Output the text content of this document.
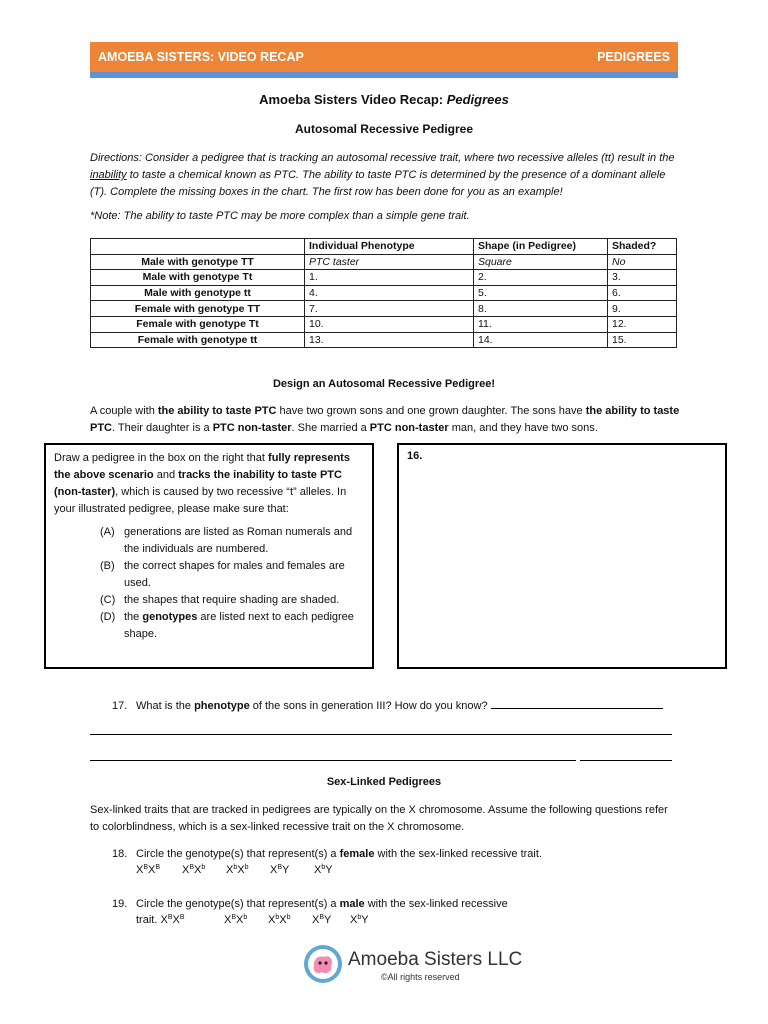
AMOEBA SISTERS: VIDEO RECAP	PEDIGREES
Amoeba Sisters Video Recap: Pedigrees
Autosomal Recessive Pedigree
Directions: Consider a pedigree that is tracking an autosomal recessive trait, where two recessive alleles (tt) result in the inability to taste a chemical known as PTC. The ability to taste PTC is determined by the presence of a dominant allele (T). Complete the missing boxes in the chart. The first row has been done for you as an example!
*Note: The ability to taste PTC may be more complex than a simple gene trait.
	Individual Phenotype	Shape (in Pedigree)	Shaded?
Male with genotype TT	PTC taster	Square	No
Male with genotype Tt	1.	2.	3.
Male with genotype tt	4.	5.	6.
Female with genotype TT	7.	8.	9.
Female with genotype Tt	10.	11.	12.
Female with genotype tt	13.	14.	15.
Design an Autosomal Recessive Pedigree!
A couple with the ability to taste PTC have two grown sons and one grown daughter. The sons have the ability to taste PTC. Their daughter is a PTC non-taster. She married a PTC non-taster man, and they have two sons.
Draw a pedigree in the box on the right that fully represents the above scenario and tracks the inability to taste PTC (non-taster), which is caused by two recessive “t” alleles. In your illustrated pedigree, please make sure that:
(A) generations are listed as Roman numerals and the individuals are numbered.
(B) the correct shapes for males and females are used.
(C) the shapes that require shading are shaded.
(D) the genotypes are listed next to each pedigree shape.
16.
17. What is the phenotype of the sons in generation III? How do you know?
Sex-Linked Pedigrees
Sex-linked traits that are tracked in pedigrees are typically on the X chromosome. Assume the following questions refer to colorblindness, which is a sex-linked recessive trait on the X chromosome.
18. Circle the genotype(s) that represent(s) a female with the sex-linked recessive trait.
$X^BX^B$ $X^BX^b$ $X^bX^b$ $X^BY$ $X^bY$
19. Circle the genotype(s) that represent(s) a male with the sex-linked recessive
trait. $X^BX^B$	$X^BX^b$ $X^bX^b$ $X^BY$ $X^bY$
Amoeba Sisters LLC
©All rights reserved
